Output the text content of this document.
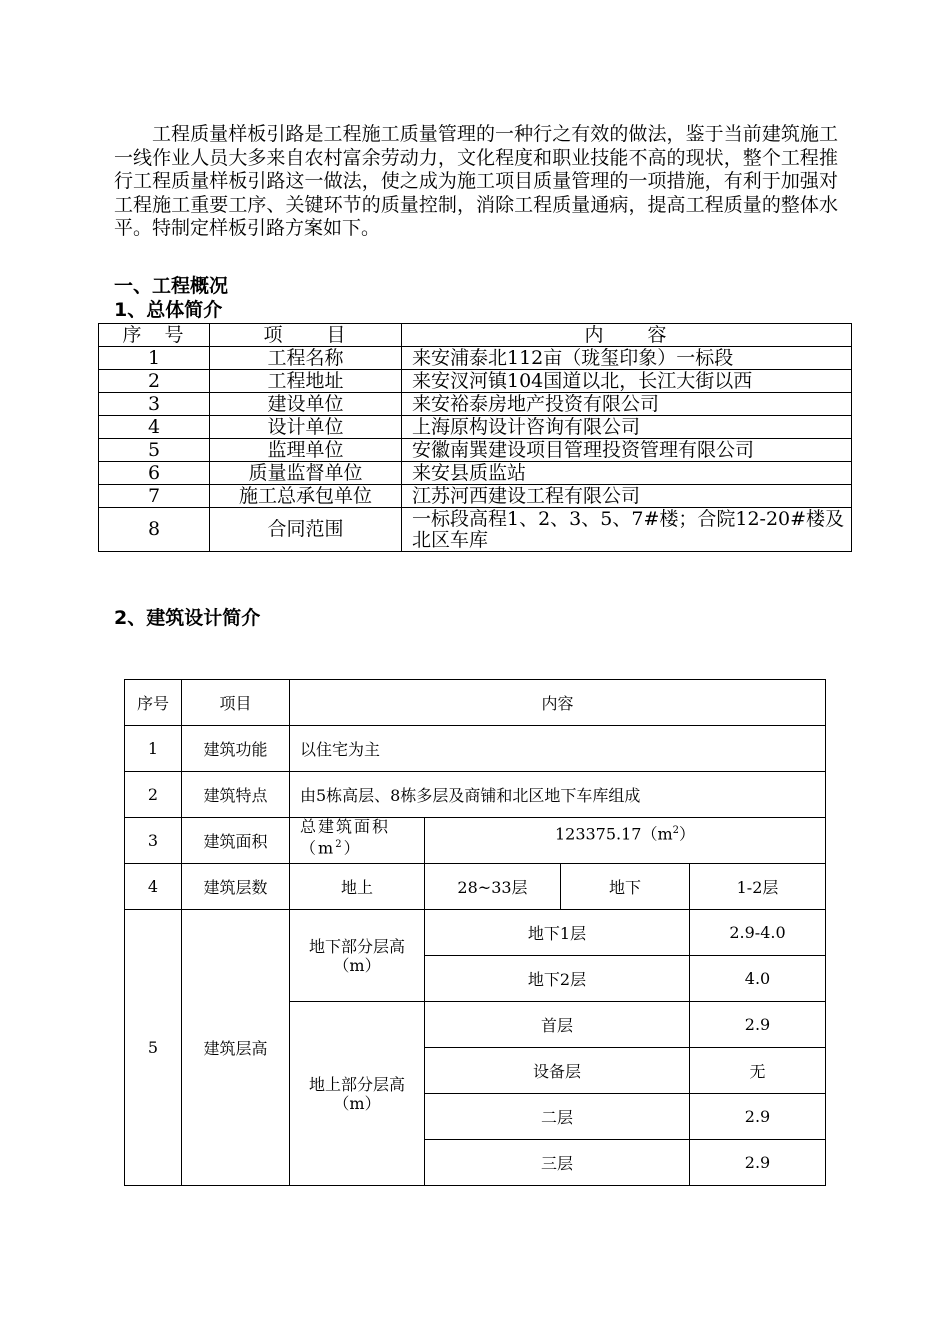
工程质量样板引路是工程施工质量管理的一种行之有效的做法，鉴于当前建筑施工一线作业人员大多来自农村富余劳动力，文化程度和职业技能不高的现状，整个工程推行工程质量样板引路这一做法，使之成为施工项目质量管理的一项措施，有利于加强对工程施工重要工序、关键环节的质量控制，消除工程质量通病，提高工程质量的整体水平。特制定样板引路方案如下。

一、工程概况
1、总体简介
序　号	项　　目	内　　容
1	工程名称	来安浦泰北112亩（珑玺印象）一标段
2	工程地址	来安汊河镇104国道以北，长江大街以西
3	建设单位	来安裕泰房地产投资有限公司
4	设计单位	上海原构设计咨询有限公司
5	监理单位	安徽南巽建设项目管理投资管理有限公司
6	质量监督单位	来安县质监站
7	施工总承包单位	江苏河西建设工程有限公司
8	合同范围	一标段高程1、2、3、5、7#楼；合院12-20#楼及北区车库
2、建筑设计简介
序号	项目	内容			
1	建筑功能	以住宅为主			
2	建筑特点	由5栋高层、8栋多层及商铺和北区地下车库组成			
3	建筑面积	总建筑面积$(m^2)$	$123375.17(m^2)$		
4	建筑层数	地上	28~33层	地下	1-2层
5	建筑层高	地下部分层高（m）	地下1层		2.9-4.0
			地下2层		4.0
		地上部分层高（m）	首层		2.9
			设备层		无
			二层		2.9
			三层		2.9
